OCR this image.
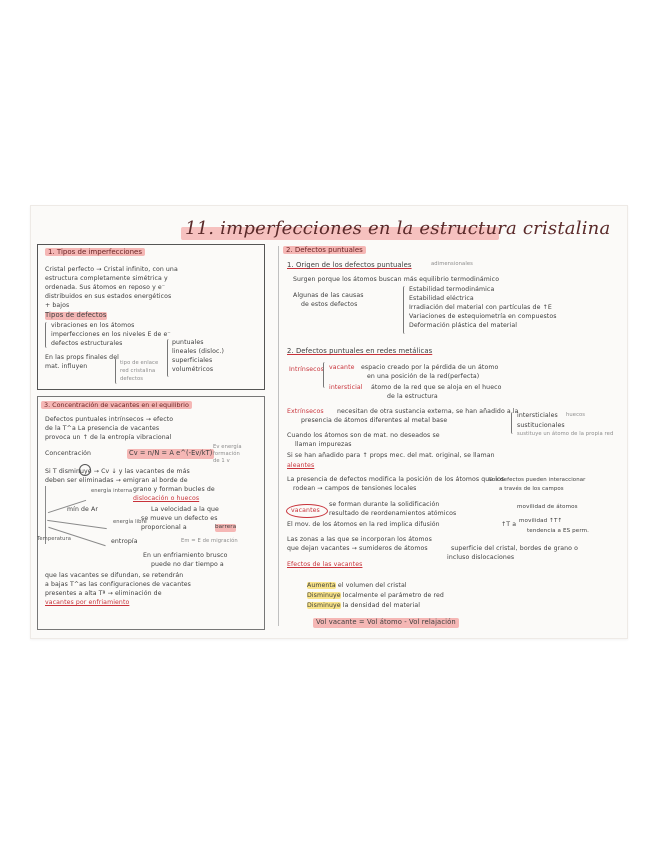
11. imperfecciones en la estructura cristalina
1. Tipos de imperfecciones
Cristal perfecto → Cristal infinito, con una
estructura completamente simétrica y
ordenada. Sus átomos en reposo y e⁻
distribuidos en sus estados energéticos
+ bajos
Tipos de defectos
vibraciones en los átomos
imperfecciones en los niveles E de e⁻
defectos estructurales	puntuales
lineales (disloc.)
superficiales
volumétricos
En las props finales del
mat. influyen	tipo de enlace
red cristalina
defectos
2. Defectos puntuales
1. Origen de los defectos puntuales	adimensionales
Surgen porque los átomos buscan más equilibrio termodinámico
Algunas de las causas
de estos defectos
Estabilidad termodinámica
Estabilidad eléctrica
Irradiación del material con partículas de ↑E
Variaciones de estequiometría en compuestos
Deformación plástica del material
2. Defectos puntuales en redes metálicas
Intrínsecos vacante espacio creado por la pérdida de un átomo
en una posición de la red(perfecta)
intersticial átomo de la red que se aloja en el hueco
de la estructura
Extrínsecos necesitan de otra sustancia externa, se han añadido a la
presencia de átomos diferentes al metal base
intersticiales huecos
sustitucionales
sustituye un átomo de la propia red
Cuando los átomos son de mat. no deseados se
llaman impurezas
Si se han añadido para ↑ props mec. del mat. original, se llaman
aleantes
La presencia de defectos modifica la posición de los átomos que los
rodean → campos de tensiones locales
Los defectos pueden interaccionar
a través de los campos
vacantes
se forman durante la solidificación
resultado de reordenamientos atómicos
movilidad de átomos
movilidad ↑T↑
tendencia a ES perm.
El mov. de los átomos en la red implica difusión	↑T a
Las zonas a las que se incorporan los átomos
que dejan vacantes → sumideros de átomos	superficie del cristal, bordes de grano o
incluso dislocaciones
Efectos de las vacantes
Aumenta el volumen del cristal
Disminuye localmente el parámetro de red
Disminuye la densidad del material
Vol vacante = Vol átomo - Vol relajación
3. Concentración de vacantes en el equilibrio
Defectos puntuales intrínsecos → efecto
de la T^a La presencia de vacantes
provoca un ↑ de la entropía vibracional
Concentración	Cv = n/N = A e^(-Ev/kT)
Ev energía
formación
de 1 v
Si T disminuye → Cv ↓ y las vacantes de más
deben ser eliminadas → emigran al borde de
grano y forman bucles de
dislocación o huecos
energía interna
mín de Ar
energía libre
entropía
Temperatura
La velocidad a la que
se mueve un defecto es
proporcional a	barrera
Em = E de migración
En un enfriamiento brusco
puede no dar tiempo a
que las vacantes se difundan, se retendrán
a bajas T^as las configuraciones de vacantes
presentes a alta Tª → eliminación de
vacantes por enfriamiento
